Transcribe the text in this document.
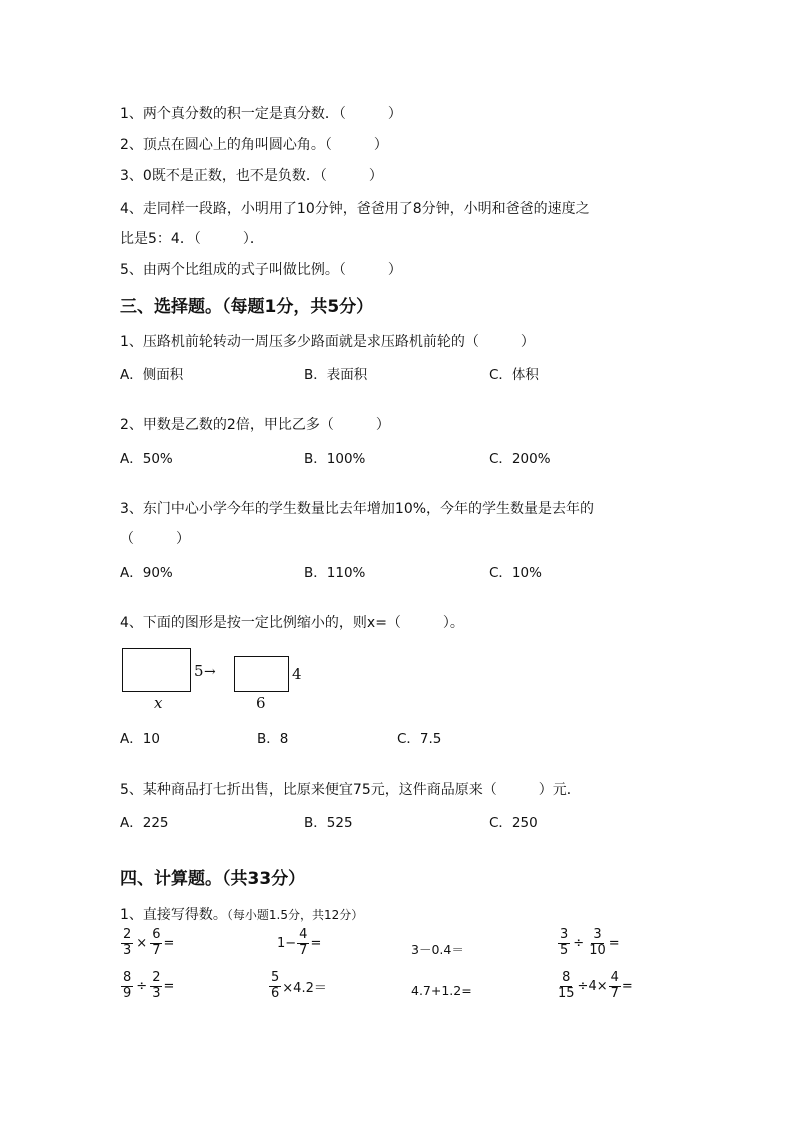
1、两个真分数的积一定是真分数．（　　　）
2、顶点在圆心上的角叫圆心角。（　　　）
3、0既不是正数，也不是负数．（　　　）
4、走同样一段路，小明用了10分钟，爸爸用了8分钟，小明和爸爸的速度之
比是5：4．（　　　）．
5、由两个比组成的式子叫做比例。（　　　）
三、选择题。（每题1分，共5分）
1、压路机前轮转动一周压多少路面就是求压路机前轮的（　　　）
A．侧面积	B．表面积	C．体积
2、甲数是乙数的2倍，甲比乙多（　　　）
A．50%	B．100%	C．200%
3、东门中心小学今年的学生数量比去年增加10%，今年的学生数量是去年的
（　　　）
A．90%	B．110%	C．10%
4、下面的图形是按一定比例缩小的，则x=（　　　）。
x
5 →	4
6
A．10	B．8	C．7.5
5、某种商品打七折出售，比原来便宜75元，这件商品原来（　　　）元．
A．225	B．525	C．250
四、计算题。（共33分）
1、直接写得数。（每小题1.5分，共12分）
$\frac{2}{3} \times \frac{6}{7}$ =	$1- \frac{4}{7}$ =	3－0.4＝	$\frac{3}{5} \div \frac{3}{10}$ =
$\frac{8}{9} \div \frac{2}{3}$ =	$\frac{5}{6} \times 4.2=$	4.7+1.2=	$\frac{8}{15} \div 4\times \frac{4}{7}$ =
